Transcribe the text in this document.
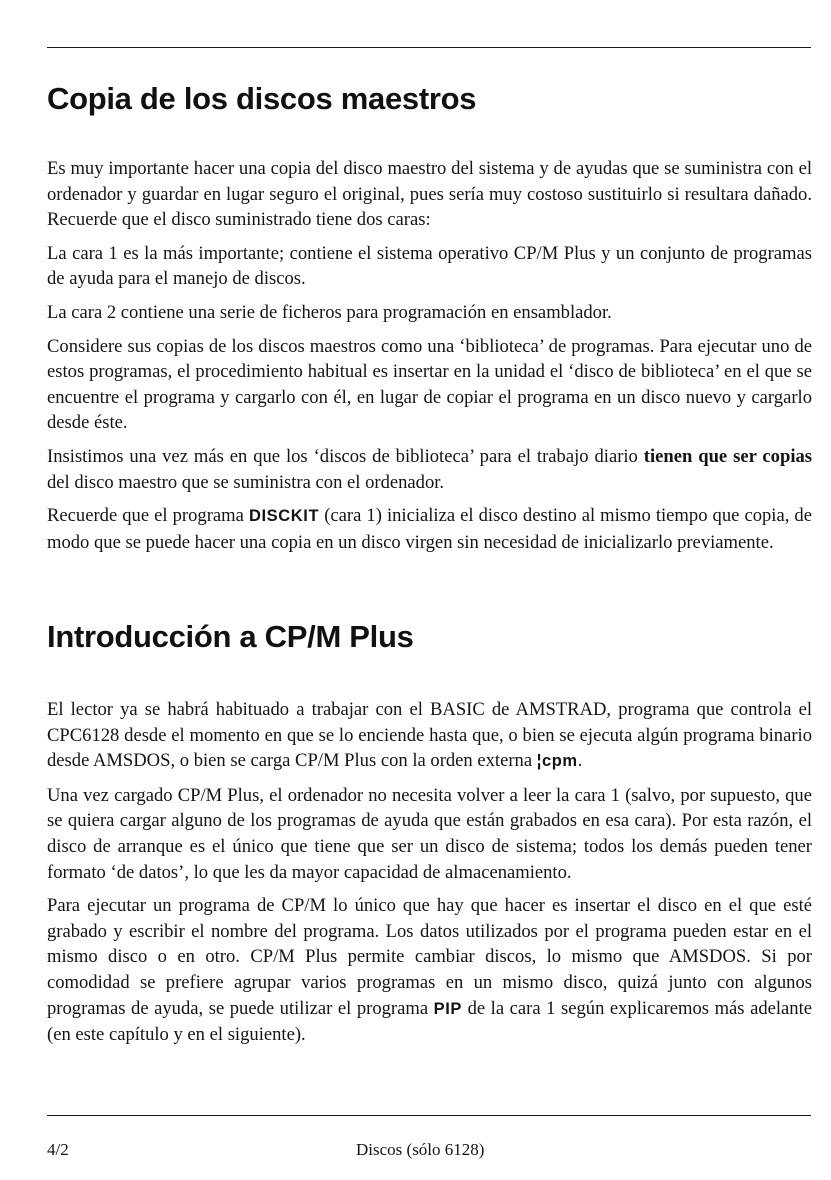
Copia de los discos maestros

Es muy importante hacer una copia del disco maestro del sistema y de ayudas que se suministra con el ordenador y guardar en lugar seguro el original, pues sería muy costoso sustituirlo si resultara dañado. Recuerde que el disco suministrado tiene dos caras:

La cara 1 es la más importante; contiene el sistema operativo CP/M Plus y un conjunto de programas de ayuda para el manejo de discos.

La cara 2 contiene una serie de ficheros para programación en ensamblador.

Considere sus copias de los discos maestros como una ‘biblioteca’ de programas. Para ejecutar uno de estos programas, el procedimiento habitual es insertar en la unidad el ‘disco de biblioteca’ en el que se encuentre el programa y cargarlo con él, en lugar de copiar el programa en un disco nuevo y cargarlo desde éste.

Insistimos una vez más en que los ‘discos de biblioteca’ para el trabajo diario tienen que ser copias del disco maestro que se suministra con el ordenador.

Recuerde que el programa DISCKIT (cara 1) inicializa el disco destino al mismo tiempo que copia, de modo que se puede hacer una copia en un disco virgen sin necesidad de inicializarlo previamente.

Introducción a CP/M Plus

El lector ya se habrá habituado a trabajar con el BASIC de AMSTRAD, programa que controla el CPC6128 desde el momento en que se lo enciende hasta que, o bien se ejecuta algún programa binario desde AMSDOS, o bien se carga CP/M Plus con la orden externa ¦cpm.

Una vez cargado CP/M Plus, el ordenador no necesita volver a leer la cara 1 (salvo, por supuesto, que se quiera cargar alguno de los programas de ayuda que están grabados en esa cara). Por esta razón, el disco de arranque es el único que tiene que ser un disco de sistema; todos los demás pueden tener formato ‘de datos’, lo que les da mayor capacidad de almacenamiento.

Para ejecutar un programa de CP/M lo único que hay que hacer es insertar el disco en el que esté grabado y escribir el nombre del programa. Los datos utilizados por el programa pueden estar en el mismo disco o en otro. CP/M Plus permite cambiar discos, lo mismo que AMSDOS. Si por comodidad se prefiere agrupar varios programas en un mismo disco, quizá junto con algunos programas de ayuda, se puede utilizar el programa PIP de la cara 1 según explicaremos más adelante (en este capítulo y en el siguiente).

4/2	Discos (sólo 6128)
